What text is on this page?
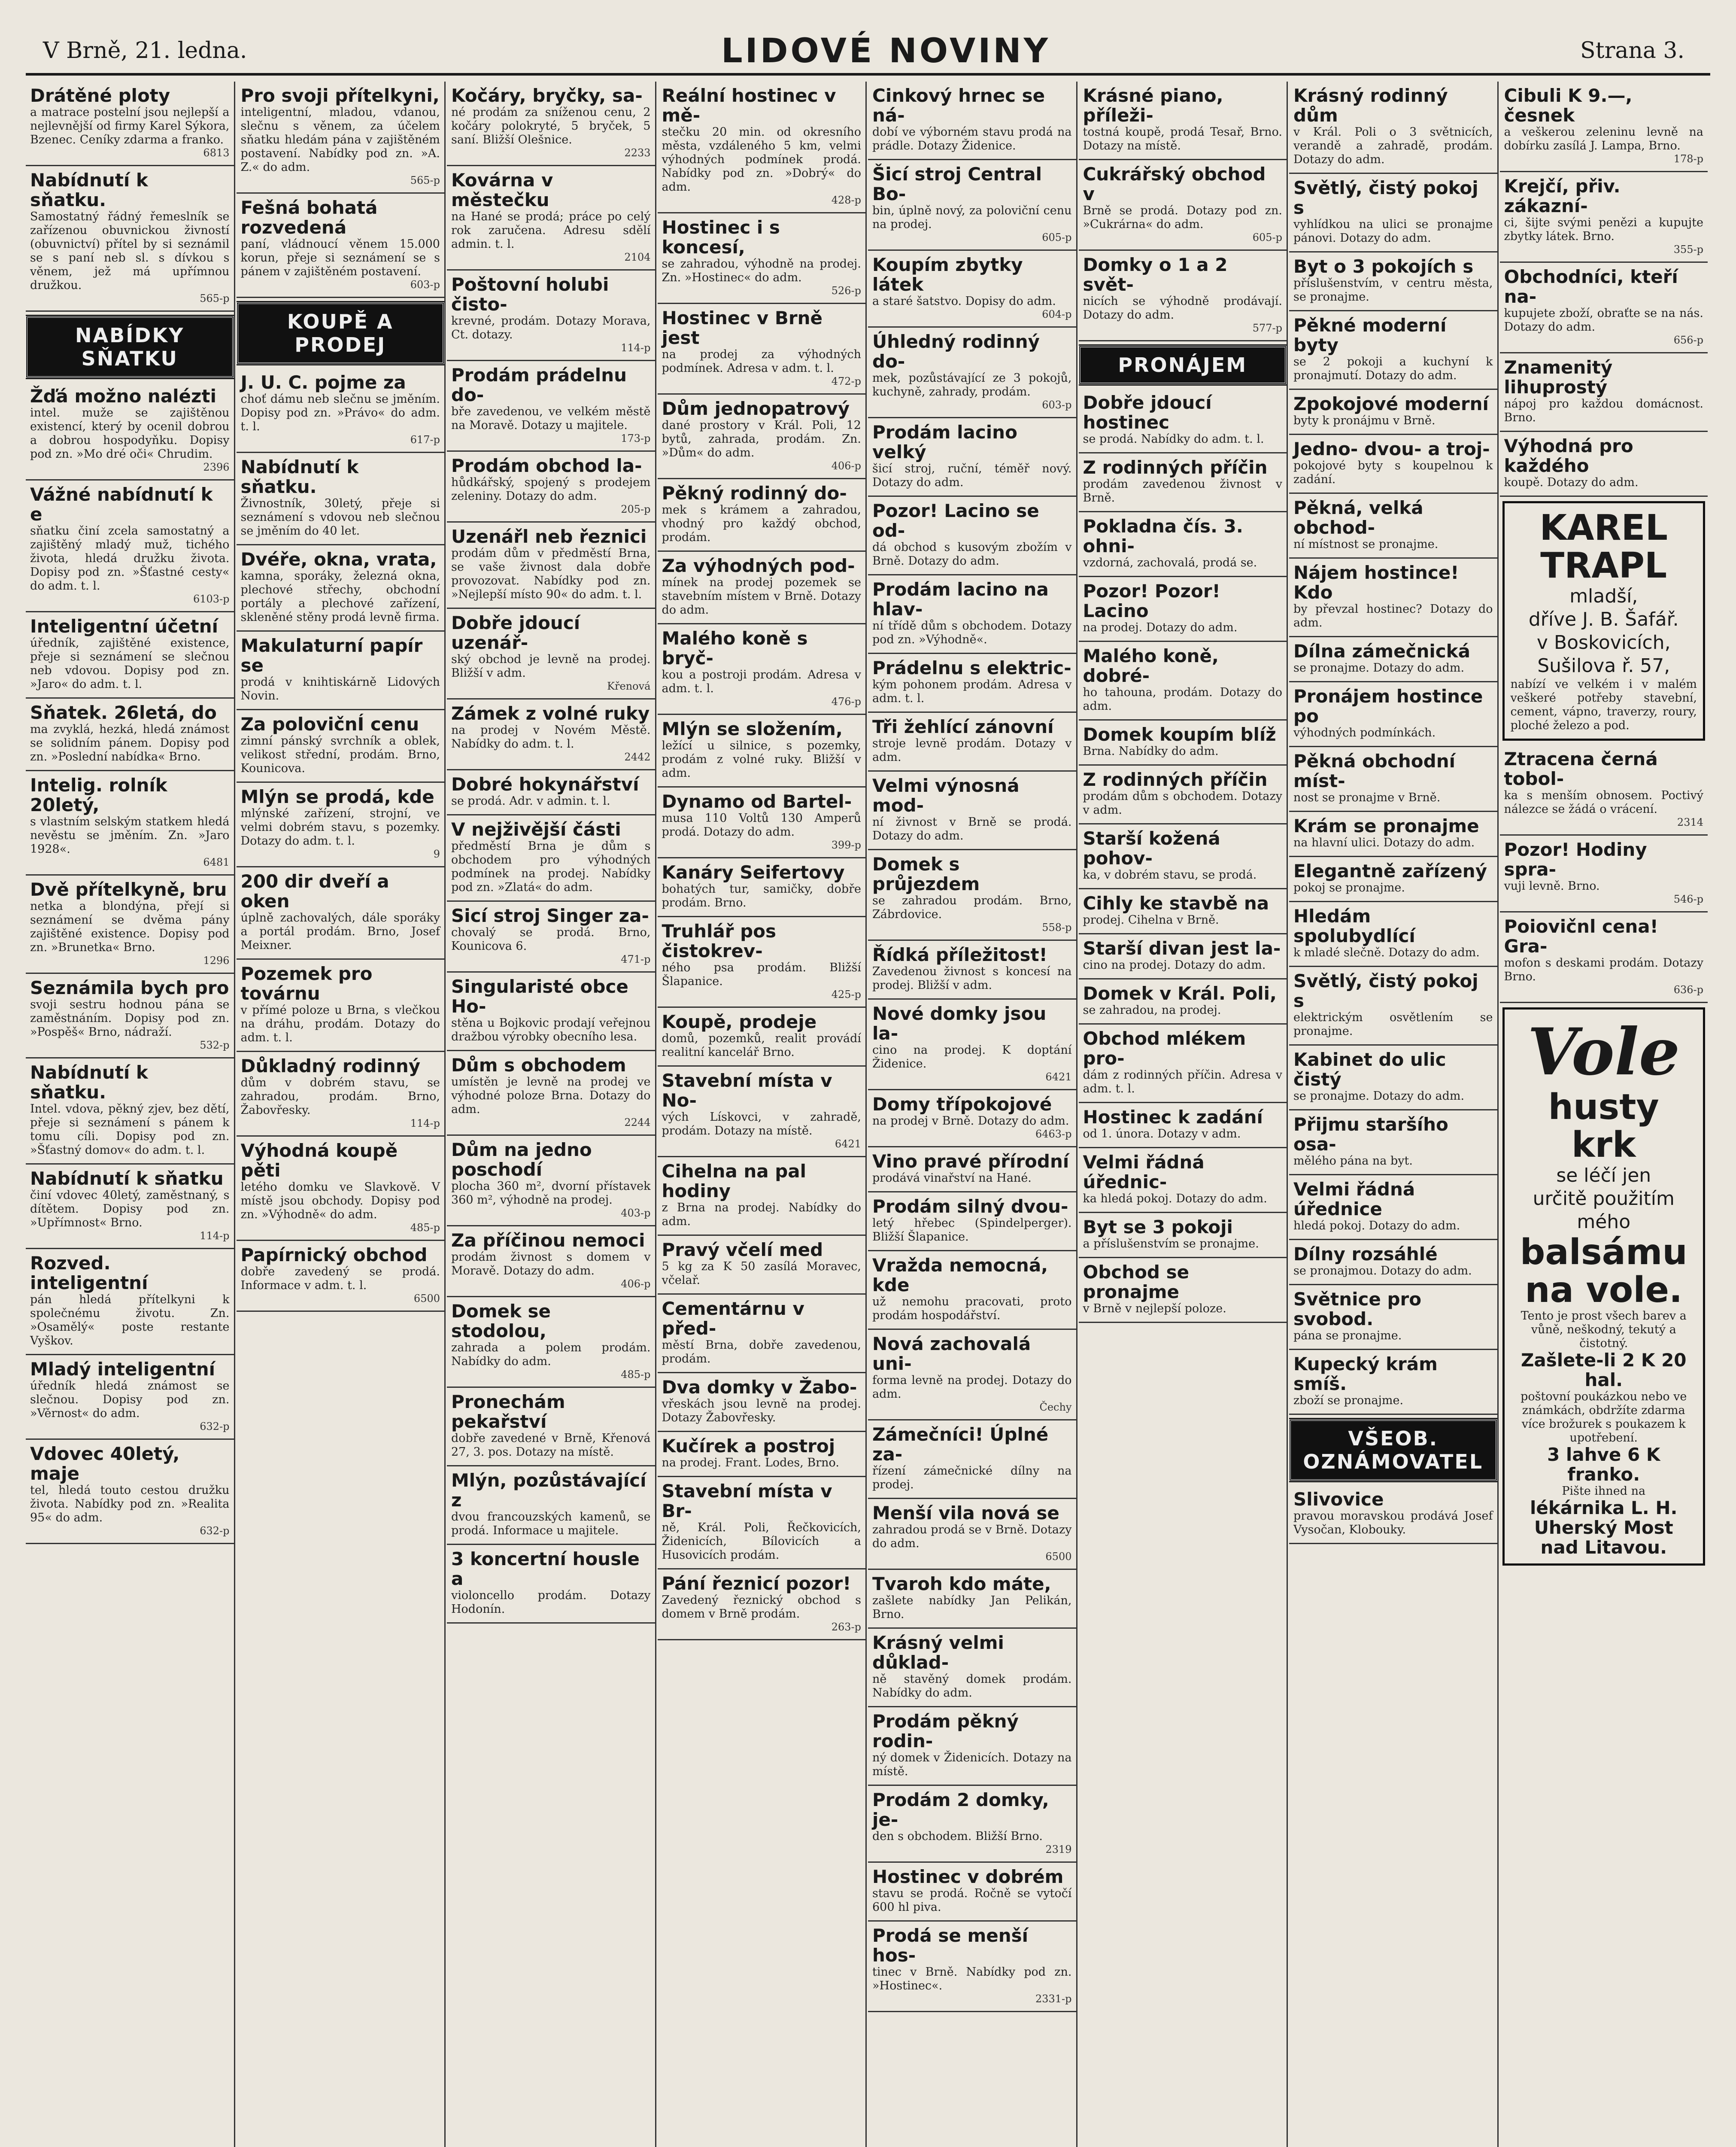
V Brně, 21. ledna.	LIDOVÉ NOVINY	Strana 3.
Drátěné ploty
a matrace postelní jsou nejlepší a nejlevnější od firmy Karel Sýkora, Bzenec. Ceníky zdarma a franko.
6813
Nabídnutí k sňatku.
Samostatný řádný řemeslník se zařízenou obuvnickou živností (obuvnictví) přítel by si seznámil se s paní neb sl. s dívkou s věnem, jež má upřímnou družkou.
565-p
NABÍDKY SŇATKU
Žďá možno nalézti
intel. muže se zajištěnou existencí, který by ocenil dobrou a dobrou hospodyňku. Dopisy pod zn. »Mo dré oči« Chrudim.
2396
Vážné nabídnutí k e
sňatku činí zcela samostatný a zajištěný mladý muž, tichého života, hledá družku života. Dopisy pod zn. »Šťastné cesty« do adm. t. l.
6103-p
Inteligentní účetní
úředník, zajištěné existence, přeje si seznámení se slečnou neb vdovou. Dopisy pod zn. »Jaro« do adm. t. l.
Sňatek. 26letá, do
ma zvyklá, hezká, hledá známost se solidním pánem. Dopisy pod zn. »Poslední nabídka« Brno.
Intelig. rolník 20letý,
s vlastním selským statkem hledá nevěstu se jměním. Zn. »Jaro 1928«.
6481
Dvě přítelkyně, bru
netka a blondýna, přejí si seznámení se dvěma pány zajištěné existence. Dopisy pod zn. »Brunetka« Brno.
1296
Seznámila bych pro
svoji sestru hodnou pána se zaměstnáním. Dopisy pod zn. »Pospěš« Brno, nádraží.
532-p
Nabídnutí k sňatku.
Intel. vdova, pěkný zjev, bez dětí, přeje si seznámení s pánem k tomu cíli. Dopisy pod zn. »Šťastný domov« do adm. t. l.
Nabídnutí k sňatku
činí vdovec 40letý, zaměstnaný, s dítětem. Dopisy pod zn. »Upřímnost« Brno.
114-p
Rozved. inteligentní
pán hledá přítelkyni k společnému životu. Zn. »Osamělý« poste restante Vyškov.
Mladý inteligentní
úředník hledá známost se slečnou. Dopisy pod zn. »Věrnost« do adm.
632-p
Vdovec 40letý, maje
tel, hledá touto cestou družku života. Nabídky pod zn. »Realita 95« do adm.
632-p
Pro svoji přítelkyni,
inteligentní, mladou, vdanou, slečnu s věnem, za účelem sňatku hledám pána v zajištěném postavení. Nabídky pod zn. »A. Z.« do adm.
565-p
Fešná bohatá rozvedená
paní, vládnoucí věnem 15.000 korun, přeje si seznámení se s pánem v zajištěném postavení.
603-p
KOUPĚ A PRODEJ
J. U. C. pojme za
choť dámu neb slečnu se jměním. Dopisy pod zn. »Právo« do adm. t. l.
617-p
Nabídnutí k sňatku.
Živnostník, 30letý, přeje si seznámení s vdovou neb slečnou se jměním do 40 let.
Dvéře, okna, vrata,
kamna, sporáky, železná okna, plechové střechy, obchodní portály a plechové zařízení, skleněné stěny prodá levně firma.
Makulaturní papír se
prodá v knihtiskárně Lidových Novin.
Za polovičnÍ cenu
zimní pánský svrchník a oblek, velikost střední, prodám. Brno, Kounicova.
Mlýn se prodá, kde
mlýnské zařízení, strojní, ve velmi dobrém stavu, s pozemky. Dotazy do adm. t. l.
9
200 dir dveří a oken
úplně zachovalých, dále sporáky a portál prodám. Brno, Josef Meixner.
Pozemek pro továrnu
v přímé poloze u Brna, s vlečkou na dráhu, prodám. Dotazy do adm. t. l.
Důkladný rodinný
dům v dobrém stavu, se zahradou, prodám. Brno, Žabovřesky.
114-p
Výhodná koupě pěti
letého domku ve Slavkově. V místě jsou obchody. Dopisy pod zn. »Výhodně« do adm.
485-p
Papírnický obchod
dobře zavedený se prodá. Informace v adm. t. l.
6500
Kočáry, bryčky, sa-
né prodám za sníženou cenu, 2 kočáry polokryté, 5 bryček, 5 saní. Bližší Olešnice.
2233
Kovárna v městečku
na Hané se prodá; práce po celý rok zaručena. Adresu sdělí admin. t. l.
2104
Poštovní holubi čisto-
krevné, prodám. Dotazy Morava, Ct. dotazy.
114-p
Prodám prádelnu do-
bře zavedenou, ve velkém městě na Moravě. Dotazy u majitele.
173-p
Prodám obchod la-
hůdkářský, spojený s prodejem zeleniny. Dotazy do adm.
205-p
Uzenářl neb řeznici
prodám dům v předměstí Brna, se vaše živnost dala dobře provozovat. Nabídky pod zn. »Nejlepší místo 90« do adm. t. l.
Dobře jdoucí uzenář-
ský obchod je levně na prodej. Bližší v adm.
Křenová
Zámek z volné ruky
na prodej v Novém Městě. Nabídky do adm. t. l.
2442
Dobré hokynářství
se prodá. Adr. v admin. t. l.
V nejživější části
předměstí Brna je dům s obchodem pro výhodných podmínek na prodej. Nabídky pod zn. »Zlatá« do adm.
Sicí stroj Singer za-
chovalý se prodá. Brno, Kounicova 6.
471-p
Singularisté obce Ho-
stěna u Bojkovic prodají veřejnou dražbou výrobky obecního lesa.
Dům s obchodem
umístěn je levně na prodej ve výhodné poloze Brna. Dotazy do adm.
2244
Dům na jedno poschodí
plocha 360 m², dvorní přístavek 360 m², výhodně na prodej.
403-p
Za příčinou nemoci
prodám živnost s domem v Moravě. Dotazy do adm.
406-p
Domek se stodolou,
zahrada a polem prodám. Nabídky do adm.
485-p
Pronechám pekařství
dobře zavedené v Brně, Křenová 27, 3. pos. Dotazy na místě.
Mlýn, pozůstávající z
dvou francouzských kamenů, se prodá. Informace u majitele.
3 koncertní housle a
violoncello prodám. Dotazy Hodonín.
Reální hostinec v mě-
stečku 20 min. od okresního města, vzdáleného 5 km, velmi výhodných podmínek prodá. Nabídky pod zn. »Dobrý« do adm.
428-p
Hostinec i s koncesí,
se zahradou, výhodně na prodej. Zn. »Hostinec« do adm.
526-p
Hostinec v Brně jest
na prodej za výhodných podmínek. Adresa v adm. t. l.
472-p
Dům jednopatrový
dané prostory v Král. Poli, 12 bytů, zahrada, prodám. Zn. »Dům« do adm.
406-p
Pěkný rodinný do-
mek s krámem a zahradou, vhodný pro každý obchod, prodám.
Za výhodných pod-
mínek na prodej pozemek se stavebním místem v Brně. Dotazy do adm.
Malého koně s bryč-
kou a postroji prodám. Adresa v adm. t. l.
476-p
Mlýn se složením,
ležící u silnice, s pozemky, prodám z volné ruky. Bližší v adm.
Dynamo od Bartel-
musa 110 Voltů 130 Amperů prodá. Dotazy do adm.
399-p
Kanáry Seifertovy
bohatých tur, samičky, dobře prodám. Brno.
Truhlář pos čistokrev-
ného psa prodám. Bližší Šlapanice.
425-p
Koupě, prodeje
domů, pozemků, realit provádí realitní kancelář Brno.
Stavební místa v No-
vých Lískovci, v zahradě, prodám. Dotazy na místě.
6421
Cihelna na pal hodiny
z Brna na prodej. Nabídky do adm.
Pravý včelí med
5 kg za K 50 zasílá Moravec, včelař.
Cementárnu v před-
městí Brna, dobře zavedenou, prodám.
Dva domky v Žabo-
vřeskách jsou levně na prodej. Dotazy Žabovřesky.
Kučírek a postroj
na prodej. Frant. Lodes, Brno.
Stavební místa v Br-
ně, Král. Poli, Řečkovicích, Židenicích, Bílovicích a Husovicích prodám.
Pání řeznicí pozor!
Zavedený řeznický obchod s domem v Brně prodám.
263-p
Cinkový hrnec se ná-
dobí ve výborném stavu prodá na prádle. Dotazy Židenice.
Šicí stroj Central Bo-
bin, úplně nový, za poloviční cenu na prodej.
605-p
Koupím zbytky látek
a staré šatstvo. Dopisy do adm.
604-p
Úhledný rodinný do-
mek, pozůstávající ze 3 pokojů, kuchyně, zahrady, prodám.
603-p
Prodám lacino velký
šicí stroj, ruční, téměř nový. Dotazy do adm.
Pozor! Lacino se od-
dá obchod s kusovým zbožím v Brně. Dotazy do adm.
Prodám lacino na hlav-
ní třídě dům s obchodem. Dotazy pod zn. »Výhodně«.
Prádelnu s elektric-
kým pohonem prodám. Adresa v adm. t. l.
Tři žehlící zánovní
stroje levně prodám. Dotazy v adm.
Velmi výnosná mod-
ní živnost v Brně se prodá. Dotazy do adm.
Domek s průjezdem
se zahradou prodám. Brno, Zábrdovice.
558-p
Řídká příležitost!
Zavedenou živnost s koncesí na prodej. Bližší v adm.
Nové domky jsou la-
cino na prodej. K doptání Židenice.
6421
Domy třípokojové
na prodej v Brně. Dotazy do adm.
6463-p
Vino pravé přírodní
prodává vinařství na Hané.
Prodám silný dvou-
letý hřebec (Spindelperger). Bližší Šlapanice.
Vražda nemocná, kde
už nemohu pracovati, proto prodám hospodářství.
Nová zachovalá uni-
forma levně na prodej. Dotazy do adm.
Čechy
Zámečníci! Úplné za-
řízení zámečnické dílny na prodej.
Menší vila nová se
zahradou prodá se v Brně. Dotazy do adm.
6500
Tvaroh kdo máte,
zašlete nabídky Jan Pelikán, Brno.
Krásný velmi důklad-
ně stavěný domek prodám. Nabídky do adm.
Prodám pěkný rodin-
ný domek v Židenicích. Dotazy na místě.
Prodám 2 domky, je-
den s obchodem. Bližší Brno.
2319
Hostinec v dobrém
stavu se prodá. Ročně se vytočí 600 hl piva.
Prodá se menší hos-
tinec v Brně. Nabídky pod zn. »Hostinec«.
2331-p
Krásné piano, příleži-
tostná koupě, prodá Tesař, Brno. Dotazy na místě.
Cukrářský obchod v
Brně se prodá. Dotazy pod zn. »Cukrárna« do adm.
605-p
Domky o 1 a 2 svět-
nicích se výhodně prodávají. Dotazy do adm.
577-p
PRONÁJEM
Dobře jdoucí hostinec
se prodá. Nabídky do adm. t. l.
Z rodinných příčin
prodám zavedenou živnost v Brně.
Pokladna čís. 3. ohni-
vzdorná, zachovalá, prodá se.
Pozor! Pozor! Lacino
na prodej. Dotazy do adm.
Malého koně, dobré-
ho tahouna, prodám. Dotazy do adm.
Domek koupím blíž
Brna. Nabídky do adm.
Z rodinných příčin
prodám dům s obchodem. Dotazy v adm.
Starší kožená pohov-
ka, v dobrém stavu, se prodá.
Cihly ke stavbě na
prodej. Cihelna v Brně.
Starší divan jest la-
cino na prodej. Dotazy do adm.
Domek v Král. Poli,
se zahradou, na prodej.
Obchod mlékem pro-
dám z rodinných příčin. Adresa v adm. t. l.
Hostinec k zadání
od 1. února. Dotazy v adm.
Velmi řádná úřednic-
ka hledá pokoj. Dotazy do adm.
Byt se 3 pokoji
a příslušenstvím se pronajme.
Obchod se pronajme
v Brně v nejlepší poloze.
Krásný rodinný dům
v Král. Poli o 3 světnicích, verandě a zahradě, prodám. Dotazy do adm.
Světlý, čistý pokoj s
vyhlídkou na ulici se pronajme pánovi. Dotazy do adm.
Byt o 3 pokojích s
příslušenstvím, v centru města, se pronajme.
Pěkné moderní byty
se 2 pokoji a kuchyní k pronajmutí. Dotazy do adm.
Zpokojové moderní
byty k pronájmu v Brně.
Jedno- dvou- a troj-
pokojové byty s koupelnou k zadání.
Pěkná, velká obchod-
ní místnost se pronajme.
Nájem hostince! Kdo
by převzal hostinec? Dotazy do adm.
Dílna zámečnická
se pronajme. Dotazy do adm.
Pronájem hostince po
výhodných podmínkách.
Pěkná obchodní míst-
nost se pronajme v Brně.
Krám se pronajme
na hlavní ulici. Dotazy do adm.
Elegantně zařízený
pokoj se pronajme.
Hledám spolubydlící
k mladé slečně. Dotazy do adm.
Světlý, čistý pokoj s
elektrickým osvětlením se pronajme.
Kabinet do ulic čistý
se pronajme. Dotazy do adm.
Přijmu staršího osa-
mělého pána na byt.
Velmi řádná úřednice
hledá pokoj. Dotazy do adm.
Dílny rozsáhlé
se pronajmou. Dotazy do adm.
Světnice pro svobod.
pána se pronajme.
Kupecký krám smíš.
zboží se pronajme.
VŠEOB. OZNÁMOVATEL
Slivovice
pravou moravskou prodává Josef Vysočan, Klobouky.
Cibuli K 9.—, česnek
a veškerou zeleninu levně na dobírku zasílá J. Lampa, Brno.
178-p
Krejčí, přiv. zákazní-
ci, šijte svými penězi a kupujte zbytky látek. Brno.
355-p
Obchodníci, kteří na-
kupujete zboží, obraťte se na nás. Dotazy do adm.
656-p
Znamenitý lihuprostý
nápoj pro každou domácnost. Brno.
Výhodná pro každého
koupě. Dotazy do adm.
KAREL TRAPL
mladší,
dříve J. B. Šafář.
v Boskovicích,
Sušilova ř. 57,
nabízí ve velkém i v malém veškeré potřeby stavební, cement, vápno, traverzy, roury, ploché železo a pod.
Ztracena černá tobol-
ka s menším obnosem. Poctivý nálezce se žádá o vrácení.
2314
Pozor! Hodiny spra-
vuji levně. Brno.
546-p
Poiovičnl cena! Gra-
mofon s deskami prodám. Dotazy Brno.
636-p
Vole
husty krk
se léčí jen
určitě použitím
mého
balsámu
na vole.
Tento je prost všech barev a vůně, neškodný, tekutý a čistotný.
Zašlete-li 2 K 20 hal.
poštovní poukázkou nebo ve známkách, obdržíte zdarma více brožurek s poukazem k upotřebení.
3 lahve 6 K franko.
Pište ihned na
lékárnika L. H. Uherský Most
nad Litavou.
